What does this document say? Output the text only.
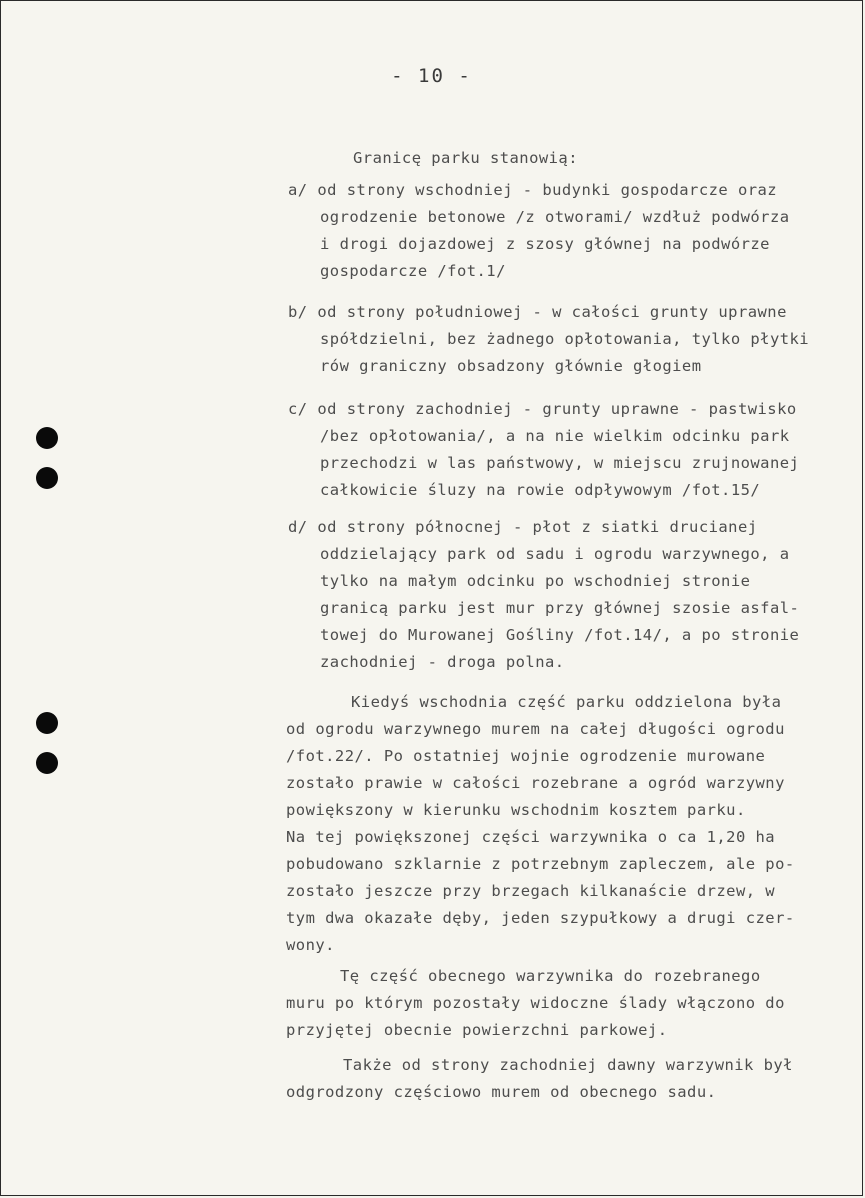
- 10 -
Granicę parku stanowią:
a/ od strony wschodniej - budynki gospodarcze oraz
ogrodzenie betonowe /z otworami/ wzdłuż podwórza
i drogi dojazdowej z szosy głównej na podwórze
gospodarcze /fot.1/
b/ od strony południowej - w całości grunty uprawne
spółdzielni, bez żadnego opłotowania, tylko płytki
rów graniczny obsadzony głównie głogiem
c/ od strony zachodniej - grunty uprawne - pastwisko
/bez opłotowania/, a na nie wielkim odcinku park
przechodzi w las państwowy, w miejscu zrujnowanej
całkowicie śluzy na rowie odpływowym /fot.15/
d/ od strony północnej - płot z siatki drucianej
oddzielający park od sadu i ogrodu warzywnego, a
tylko na małym odcinku po wschodniej stronie
granicą parku jest mur przy głównej szosie asfal-
towej do Murowanej Gośliny /fot.14/, a po stronie
zachodniej - droga polna.
Kiedyś wschodnia część parku oddzielona była
od ogrodu warzywnego murem na całej długości ogrodu
/fot.22/. Po ostatniej wojnie ogrodzenie murowane
zostało prawie w całości rozebrane a ogród warzywny
powiększony w kierunku wschodnim kosztem parku.
Na tej powiększonej części warzywnika o ca 1,20 ha
pobudowano szklarnie z potrzebnym zapleczem, ale po-
zostało jeszcze przy brzegach kilkanaście drzew, w
tym dwa okazałe dęby, jeden szypułkowy a drugi czer-
wony.
Tę część obecnego warzywnika do rozebranego
muru po którym pozostały widoczne ślady włączono do
przyjętej obecnie powierzchni parkowej.
Także od strony zachodniej dawny warzywnik był
odgrodzony częściowo murem od obecnego sadu.
